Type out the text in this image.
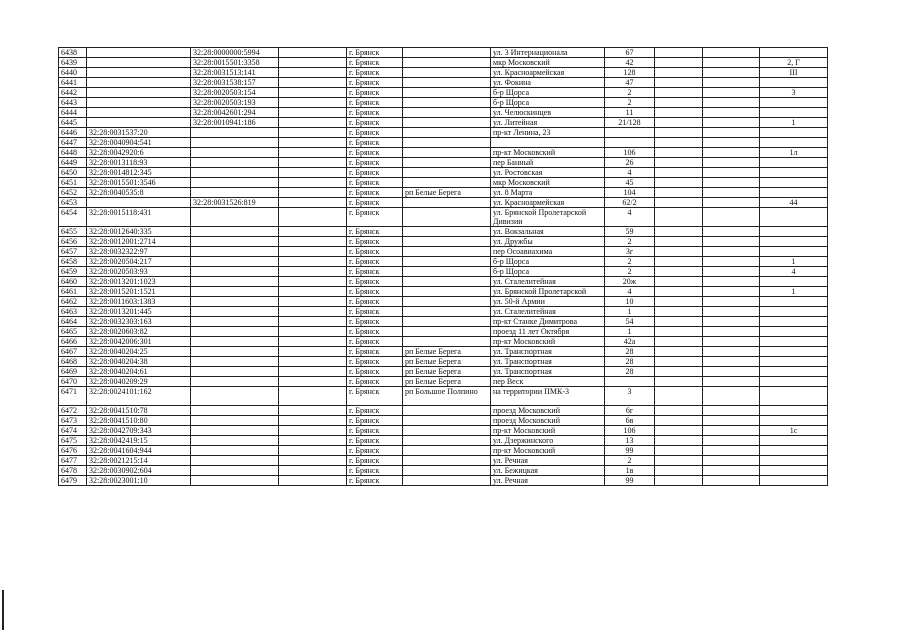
6438		32:28:0000000:5994		г. Брянск		ул. 3 Интернационала	67			
6439		32:28:0015501:3358		г. Брянск		мкр Московский	42			2, Г
6440		32:28:0031513:141		г. Брянск		ул. Красноармейская	128			III
6441		32:28:0031538:157		г. Брянск		ул. Фокина	47			
6442		32:28:0020503:154		г. Брянск		б-р Щорса	2			3
6443		32:28:0020503:193		г. Брянск		б-р Щорса	2			
6444		32:28:0042601:294		г. Брянск		ул. Челюскинцев	11			
6445		32:28:0010941:186		г. Брянск		ул. Литейная	21/128			1
6446	32:28:0031537:20			г. Брянск		пр-кт Ленина, 23				
6447	32:28:0040904:541			г. Брянск						
6448	32:28:0042920:6			г. Брянск		пр-кт Московский	106			1л
6449	32:28:0013118:93			г. Брянск		пер Банный	26			
6450	32:28:0014812:345			г. Брянск		ул. Ростовская	4			
6451	32:28:0015501:3546			г. Брянск		мкр Московский	45			
6452	32:28:0040535:8			г. Брянск	рп Белые Берега	ул. 8 Марта	104			
6453		32:28:0031526:819		г. Брянск		ул. Красноармейская	62/2			44
6454	32:28:0015118:431			г. Брянск		ул. Брянской Пролетарской Дивизии	4			
6455	32:28:0012640:335			г. Брянск		ул. Вокзальная	59			
6456	32:28:0012001:2714			г. Брянск		ул. Дружбы	2			
6457	32:28:0032322:97			г. Брянск		пер Осоавиахима	3г			
6458	32:28:0020504:217			г. Брянск		б-р Щорса	2			1
6459	32:28:0020503:93			г. Брянск		б-р Щорса	2			4
6460	32:28:0013201:1023			г. Брянск		ул. Сталелитейная	20ж			
6461	32:28:0015201:1521			г. Брянск		ул. Брянской Пролетарской	4			1
6462	32:28:0011603:1383			г. Брянск		ул. 50-й Армии	10			
6463	32:28:0013201:445			г. Брянск		ул. Сталелитейная	1			
6464	32:28:0032303:163			г. Брянск		пр-кт Станке Димитрова	54			
6465	32:28:0020603:82			г. Брянск		проезд 11 лет Октября	1			
6466	32:28:0042006:301			г. Брянск		пр-кт Московский	42а			
6467	32:28:0040204:25			г. Брянск	рп Белые Берега	ул. Транспортная	28			
6468	32:28:0040204:38			г. Брянск	рп Белые Берега	ул. Транспортная	28			
6469	32:28:0040204:61			г. Брянск	рп Белые Берега	ул. Транспортная	28			
6470	32:28:0040209:29			г. Брянск	рп Белые Берега	пер Веск				
6471	32:28:0024101:162			г. Брянск	рп Большое Полпино	на территории ПМК-3	3			
6472	32:28:0041510:78			г. Брянск		проезд Московский	6г			
6473	32:28:0041510:80			г. Брянск		проезд Московский	6в			
6474	32:28:0042709:343			г. Брянск		пр-кт Московский	106			1с
6475	32:28:0042419:15			г. Брянск		ул. Дзержинского	13			
6476	32:28:0041604:944			г. Брянск		пр-кт Московский	99			
6477	32:28:0021215:14			г. Брянск		ул. Речная	2			
6478	32:28:0030902:604			г. Брянск		ул. Бежицкая	1в			
6479	32:28:0023001:10			г. Брянск		ул. Речная	99			
